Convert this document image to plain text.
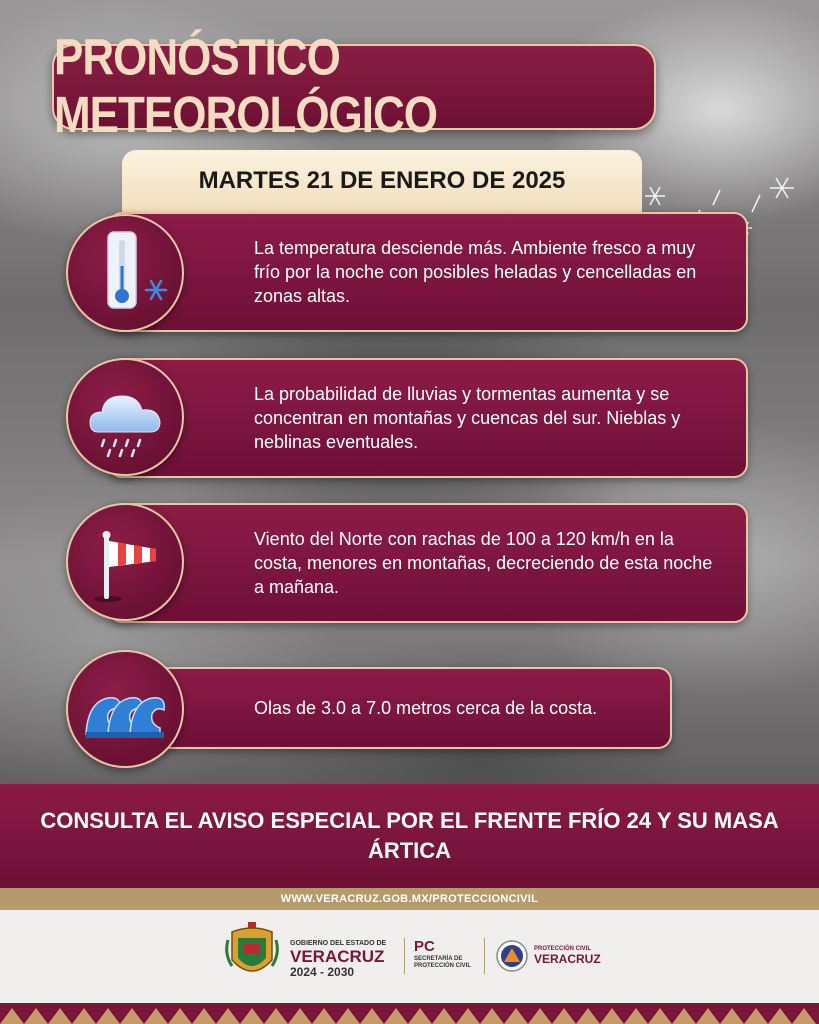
PRONÓSTICO METEOROLÓGICO
MARTES 21 DE ENERO DE 2025
La temperatura desciende más. Ambiente fresco a muy frío por la noche con posibles heladas y cencelladas en zonas altas.
La probabilidad de lluvias y tormentas aumenta y se concentran en montañas y cuencas del sur. Nieblas y neblinas eventuales.
Viento del Norte con rachas de 100 a 120 km/h en la costa, menores en montañas, decreciendo de esta noche a mañana.
Olas de 3.0 a 7.0 metros cerca de la costa.
CONSULTA EL AVISO ESPECIAL POR EL FRENTE FRÍO 24 Y SU MASA ÁRTICA
WWW.VERACRUZ.GOB.MX/PROTECCIONCIVIL
GOBIERNO DEL ESTADO DE
VERACRUZ
2024 - 2030
PC
SECRETARÍA DE
PROTECCIÓN CIVIL
PROTECCIÓN CIVIL
VERACRUZ
